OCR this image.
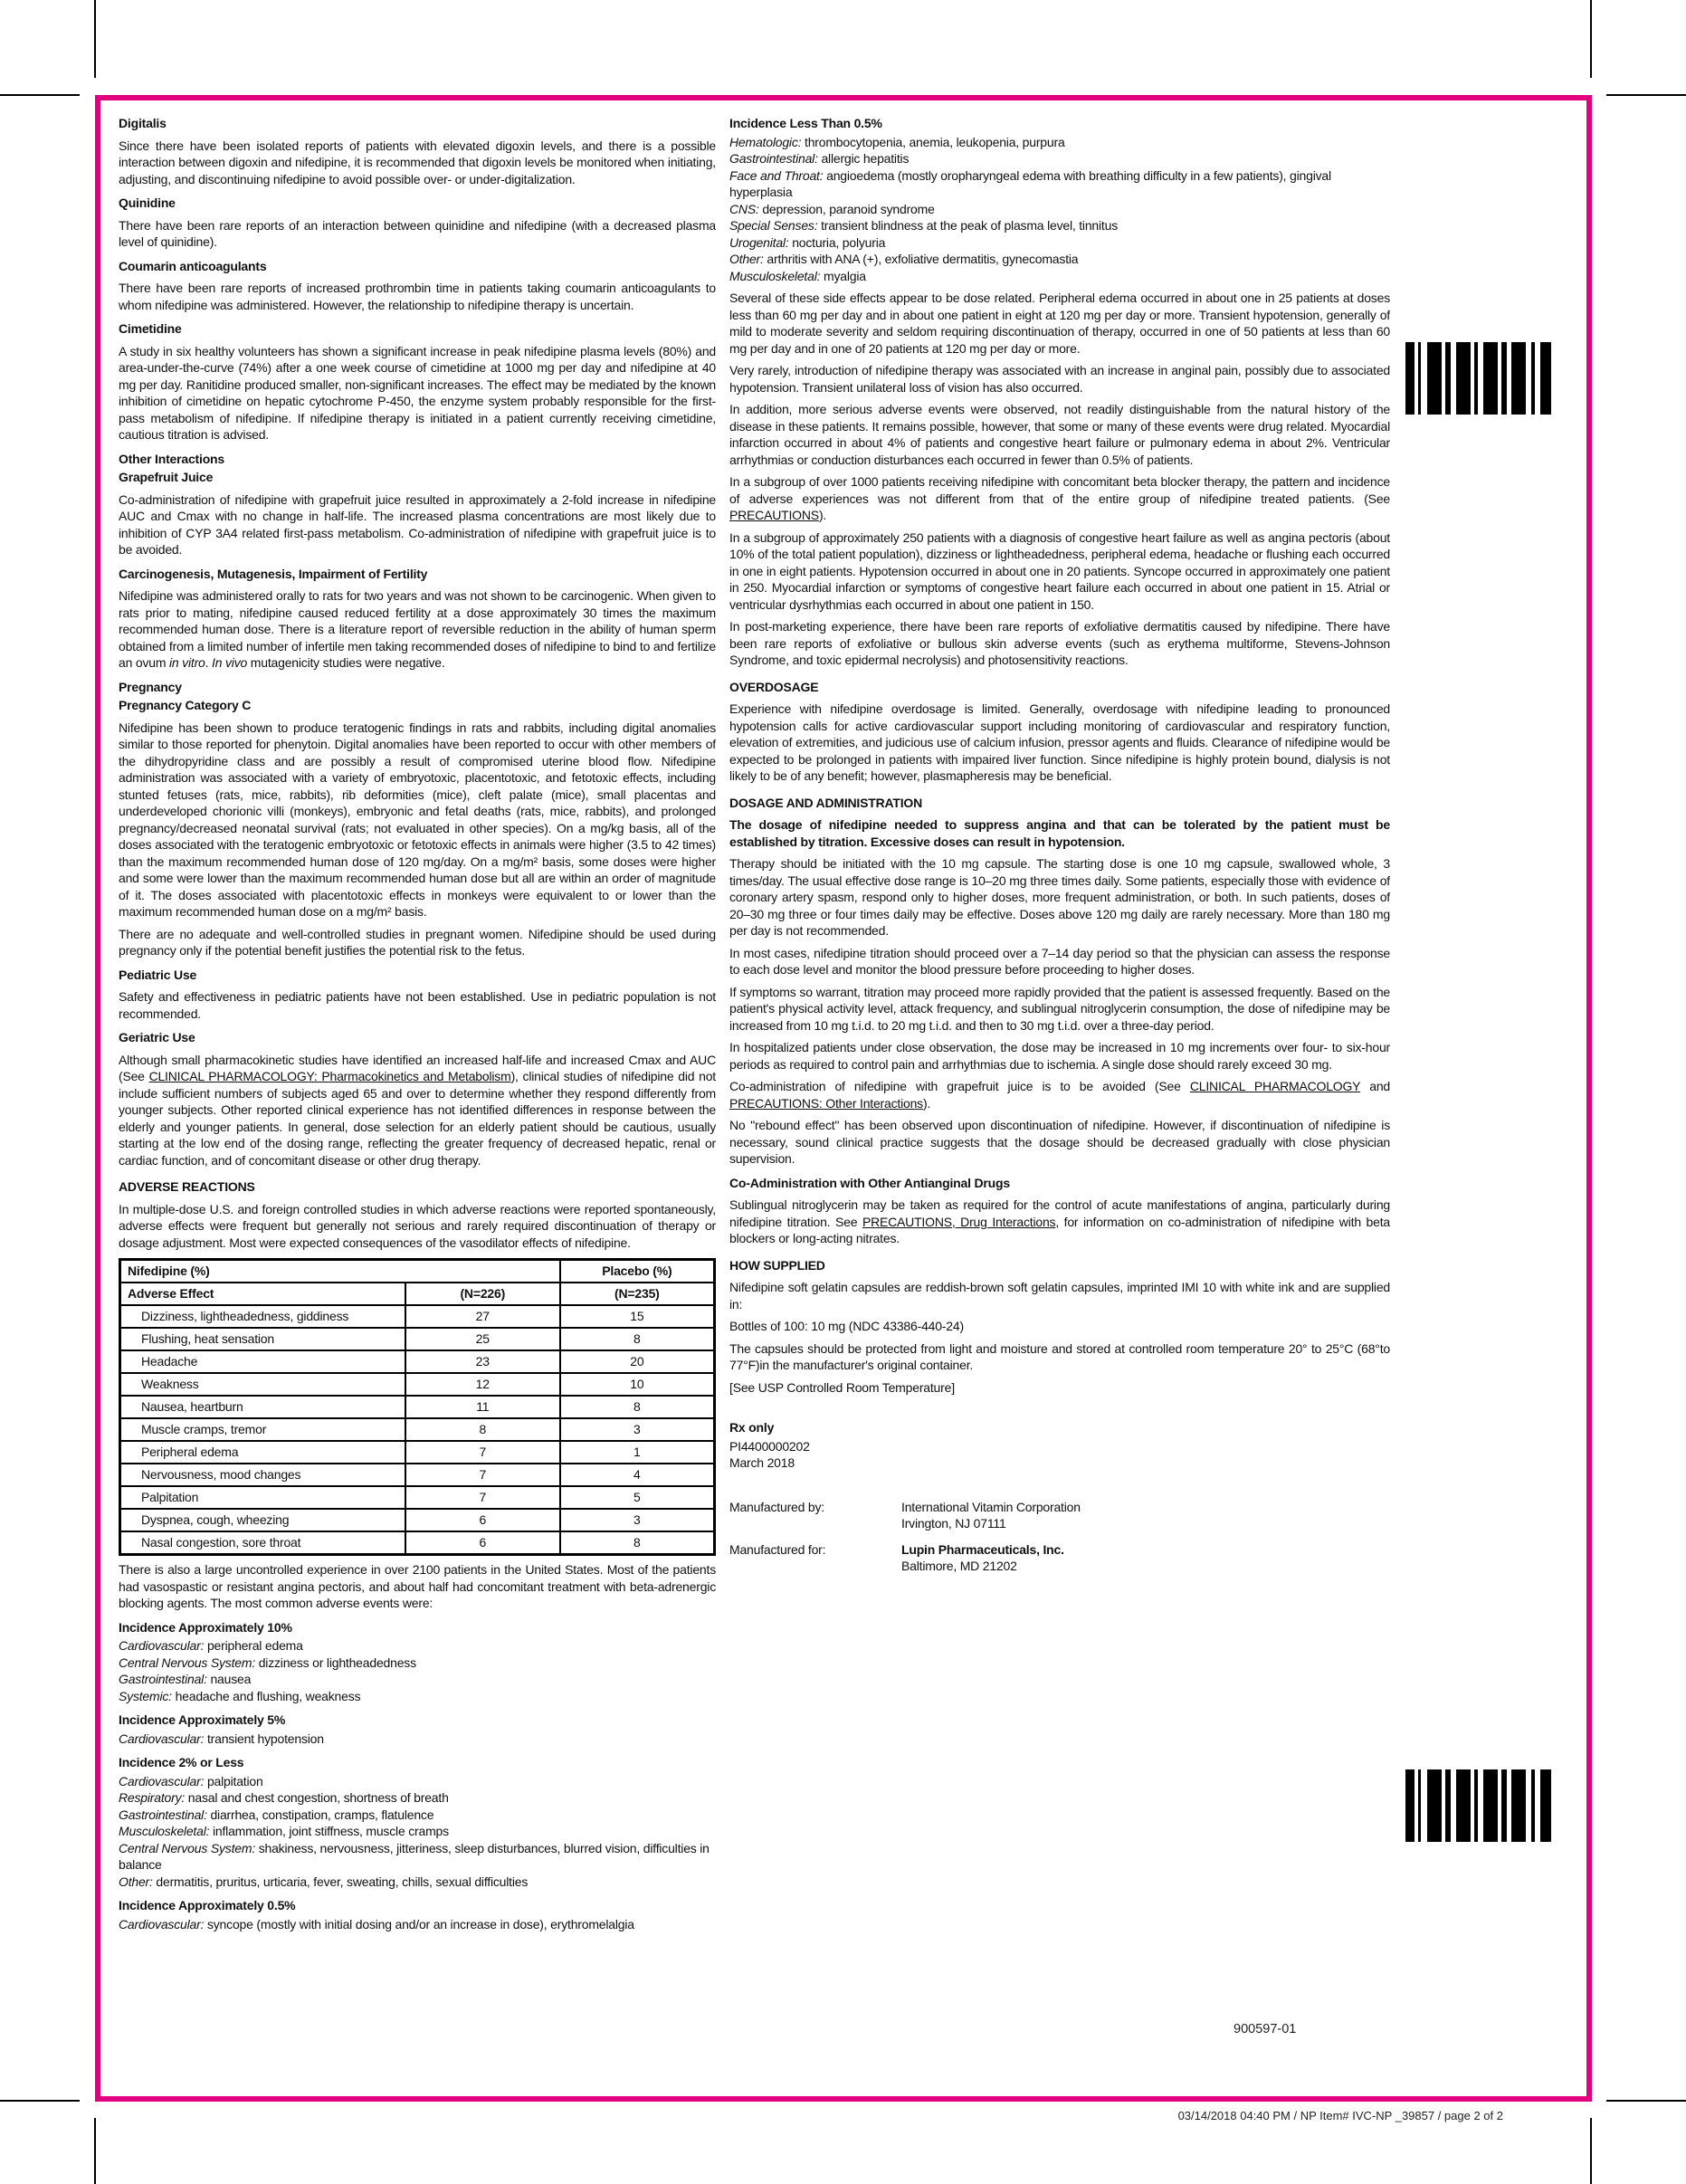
Digitalis

Since there have been isolated reports of patients with elevated digoxin levels, and there is a possible interaction between digoxin and nifedipine, it is recommended that digoxin levels be monitored when initiating, adjusting, and discontinuing nifedipine to avoid possible over- or under-digitalization.

Quinidine

There have been rare reports of an interaction between quinidine and nifedipine (with a decreased plasma level of quinidine).

Coumarin anticoagulants

There have been rare reports of increased prothrombin time in patients taking coumarin anticoagulants to whom nifedipine was administered. However, the relationship to nifedipine therapy is uncertain.

Cimetidine

A study in six healthy volunteers has shown a significant increase in peak nifedipine plasma levels (80%) and area-under-the-curve (74%) after a one week course of cimetidine at 1000 mg per day and nifedipine at 40 mg per day. Ranitidine produced smaller, non-significant increases. The effect may be mediated by the known inhibition of cimetidine on hepatic cytochrome P-450, the enzyme system probably responsible for the first-pass metabolism of nifedipine. If nifedipine therapy is initiated in a patient currently receiving cimetidine, cautious titration is advised.

Other Interactions
Grapefruit Juice

Co-administration of nifedipine with grapefruit juice resulted in approximately a 2-fold increase in nifedipine AUC and Cmax with no change in half-life. The increased plasma concentrations are most likely due to inhibition of CYP 3A4 related first-pass metabolism. Co-administration of nifedipine with grapefruit juice is to be avoided.

Carcinogenesis, Mutagenesis, Impairment of Fertility

Nifedipine was administered orally to rats for two years and was not shown to be carcinogenic. When given to rats prior to mating, nifedipine caused reduced fertility at a dose approximately 30 times the maximum recommended human dose. There is a literature report of reversible reduction in the ability of human sperm obtained from a limited number of infertile men taking recommended doses of nifedipine to bind to and fertilize an ovum in vitro. In vivo mutagenicity studies were negative.

Pregnancy
Pregnancy Category C

Nifedipine has been shown to produce teratogenic findings in rats and rabbits, including digital anomalies similar to those reported for phenytoin. Digital anomalies have been reported to occur with other members of the dihydropyridine class and are possibly a result of compromised uterine blood flow. Nifedipine administration was associated with a variety of embryotoxic, placentotoxic, and fetotoxic effects, including stunted fetuses (rats, mice, rabbits), rib deformities (mice), cleft palate (mice), small placentas and underdeveloped chorionic villi (monkeys), embryonic and fetal deaths (rats, mice, rabbits), and prolonged pregnancy/decreased neonatal survival (rats; not evaluated in other species). On a mg/kg basis, all of the doses associated with the teratogenic embryotoxic or fetotoxic effects in animals were higher (3.5 to 42 times) than the maximum recommended human dose of 120 mg/day. On a mg/m² basis, some doses were higher and some were lower than the maximum recommended human dose but all are within an order of magnitude of it. The doses associated with placentotoxic effects in monkeys were equivalent to or lower than the maximum recommended human dose on a mg/m² basis.

There are no adequate and well-controlled studies in pregnant women. Nifedipine should be used during pregnancy only if the potential benefit justifies the potential risk to the fetus.

Pediatric Use

Safety and effectiveness in pediatric patients have not been established. Use in pediatric population is not recommended.

Geriatric Use

Although small pharmacokinetic studies have identified an increased half-life and increased Cmax and AUC (See CLINICAL PHARMACOLOGY: Pharmacokinetics and Metabolism), clinical studies of nifedipine did not include sufficient numbers of subjects aged 65 and over to determine whether they respond differently from younger subjects. Other reported clinical experience has not identified differences in response between the elderly and younger patients. In general, dose selection for an elderly patient should be cautious, usually starting at the low end of the dosing range, reflecting the greater frequency of decreased hepatic, renal or cardiac function, and of concomitant disease or other drug therapy.

ADVERSE REACTIONS

In multiple-dose U.S. and foreign controlled studies in which adverse reactions were reported spontaneously, adverse effects were frequent but generally not serious and rarely required discontinuation of therapy or dosage adjustment. Most were expected consequences of the vasodilator effects of nifedipine.

Nifedipine (%)		Placebo (%)
Adverse Effect	(N=226)	(N=235)
Dizziness, lightheadedness, giddiness	27	15
Flushing, heat sensation	25	8
Headache	23	20
Weakness	12	10
Nausea, heartburn	11	8
Muscle cramps, tremor	8	3
Peripheral edema	7	1
Nervousness, mood changes	7	4
Palpitation	7	5
Dyspnea, cough, wheezing	6	3
Nasal congestion, sore throat	6	8

There is also a large uncontrolled experience in over 2100 patients in the United States. Most of the patients had vasospastic or resistant angina pectoris, and about half had concomitant treatment with beta-adrenergic blocking agents. The most common adverse events were:

Incidence Approximately 10%
Cardiovascular: peripheral edema
Central Nervous System: dizziness or lightheadedness
Gastrointestinal: nausea
Systemic: headache and flushing, weakness
Incidence Approximately 5%
Cardiovascular: transient hypotension
Incidence 2% or Less
Cardiovascular: palpitation
Respiratory: nasal and chest congestion, shortness of breath
Gastrointestinal: diarrhea, constipation, cramps, flatulence
Musculoskeletal: inflammation, joint stiffness, muscle cramps
Central Nervous System: shakiness, nervousness, jitteriness, sleep disturbances, blurred vision, difficulties in balance
Other: dermatitis, pruritus, urticaria, fever, sweating, chills, sexual difficulties
Incidence Approximately 0.5%
Cardiovascular: syncope (mostly with initial dosing and/or an increase in dose), erythromelalgia
Incidence Less Than 0.5%
Hematologic: thrombocytopenia, anemia, leukopenia, purpura
Gastrointestinal: allergic hepatitis
Face and Throat: angioedema (mostly oropharyngeal edema with breathing difficulty in a few patients), gingival hyperplasia
CNS: depression, paranoid syndrome
Special Senses: transient blindness at the peak of plasma level, tinnitus
Urogenital: nocturia, polyuria
Other: arthritis with ANA (+), exfoliative dermatitis, gynecomastia
Musculoskeletal: myalgia

Several of these side effects appear to be dose related. Peripheral edema occurred in about one in 25 patients at doses less than 60 mg per day and in about one patient in eight at 120 mg per day or more. Transient hypotension, generally of mild to moderate severity and seldom requiring discontinuation of therapy, occurred in one of 50 patients at less than 60 mg per day and in one of 20 patients at 120 mg per day or more.

Very rarely, introduction of nifedipine therapy was associated with an increase in anginal pain, possibly due to associated hypotension. Transient unilateral loss of vision has also occurred.

In addition, more serious adverse events were observed, not readily distinguishable from the natural history of the disease in these patients. It remains possible, however, that some or many of these events were drug related. Myocardial infarction occurred in about 4% of patients and congestive heart failure or pulmonary edema in about 2%. Ventricular arrhythmias or conduction disturbances each occurred in fewer than 0.5% of patients.

In a subgroup of over 1000 patients receiving nifedipine with concomitant beta blocker therapy, the pattern and incidence of adverse experiences was not different from that of the entire group of nifedipine treated patients. (See PRECAUTIONS).

In a subgroup of approximately 250 patients with a diagnosis of congestive heart failure as well as angina pectoris (about 10% of the total patient population), dizziness or lightheadedness, peripheral edema, headache or flushing each occurred in one in eight patients. Hypotension occurred in about one in 20 patients. Syncope occurred in approximately one patient in 250. Myocardial infarction or symptoms of congestive heart failure each occurred in about one patient in 15. Atrial or ventricular dysrhythmias each occurred in about one patient in 150.

In post-marketing experience, there have been rare reports of exfoliative dermatitis caused by nifedipine. There have been rare reports of exfoliative or bullous skin adverse events (such as erythema multiforme, Stevens-Johnson Syndrome, and toxic epidermal necrolysis) and photosensitivity reactions.

OVERDOSAGE

Experience with nifedipine overdosage is limited. Generally, overdosage with nifedipine leading to pronounced hypotension calls for active cardiovascular support including monitoring of cardiovascular and respiratory function, elevation of extremities, and judicious use of calcium infusion, pressor agents and fluids. Clearance of nifedipine would be expected to be prolonged in patients with impaired liver function. Since nifedipine is highly protein bound, dialysis is not likely to be of any benefit; however, plasmapheresis may be beneficial.

DOSAGE AND ADMINISTRATION

The dosage of nifedipine needed to suppress angina and that can be tolerated by the patient must be established by titration. Excessive doses can result in hypotension.

Therapy should be initiated with the 10 mg capsule. The starting dose is one 10 mg capsule, swallowed whole, 3 times/day. The usual effective dose range is 10–20 mg three times daily. Some patients, especially those with evidence of coronary artery spasm, respond only to higher doses, more frequent administration, or both. In such patients, doses of 20–30 mg three or four times daily may be effective. Doses above 120 mg daily are rarely necessary. More than 180 mg per day is not recommended.

In most cases, nifedipine titration should proceed over a 7–14 day period so that the physician can assess the response to each dose level and monitor the blood pressure before proceeding to higher doses.

If symptoms so warrant, titration may proceed more rapidly provided that the patient is assessed frequently. Based on the patient's physical activity level, attack frequency, and sublingual nitroglycerin consumption, the dose of nifedipine may be increased from 10 mg t.i.d. to 20 mg t.i.d. and then to 30 mg t.i.d. over a three-day period.

In hospitalized patients under close observation, the dose may be increased in 10 mg increments over four- to six-hour periods as required to control pain and arrhythmias due to ischemia. A single dose should rarely exceed 30 mg.

Co-administration of nifedipine with grapefruit juice is to be avoided (See CLINICAL PHARMACOLOGY and PRECAUTIONS: Other Interactions).

No "rebound effect" has been observed upon discontinuation of nifedipine. However, if discontinuation of nifedipine is necessary, sound clinical practice suggests that the dosage should be decreased gradually with close physician supervision.

Co-Administration with Other Antianginal Drugs

Sublingual nitroglycerin may be taken as required for the control of acute manifestations of angina, particularly during nifedipine titration. See PRECAUTIONS, Drug Interactions, for information on co-administration of nifedipine with beta blockers or long-acting nitrates.

HOW SUPPLIED

Nifedipine soft gelatin capsules are reddish-brown soft gelatin capsules, imprinted IMI 10 with white ink and are supplied in:

Bottles of 100: 10 mg (NDC 43386-440-24)

The capsules should be protected from light and moisture and stored at controlled room temperature 20° to 25°C (68°to 77°F)in the manufacturer's original container.

[See USP Controlled Room Temperature]
Rx only
PI4400000202
March 2018
Manufactured by:	International Vitamin Corporation
Irvington, NJ 07111
Manufactured for:	Lupin Pharmaceuticals, Inc.
Baltimore, MD 21202
900597-01
03/14/2018 04:40 PM / NP Item# IVC-NP _39857 / page 2 of 2
